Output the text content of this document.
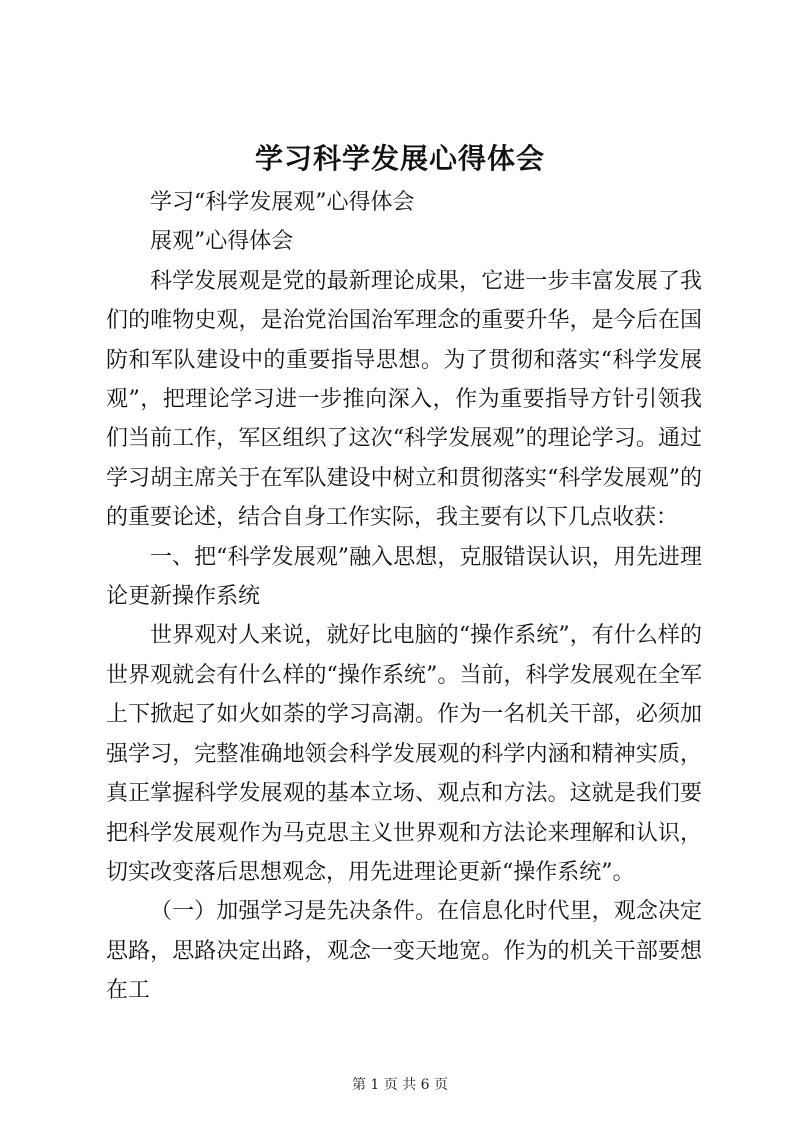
学习科学发展心得体会

学习“科学发展观”心得体会

展观”心得体会

科学发展观是党的最新理论成果，它进一步丰富发展了我们的唯物史观，是治党治国治军理念的重要升华，是今后在国防和军队建设中的重要指导思想。为了贯彻和落实“科学发展观”，把理论学习进一步推向深入，作为重要指导方针引领我们当前工作，军区组织了这次“科学发展观”的理论学习。通过学习胡主席关于在军队建设中树立和贯彻落实“科学发展观”的的重要论述，结合自身工作实际，我主要有以下几点收获：

一、把“科学发展观”融入思想，克服错误认识，用先进理论更新操作系统

世界观对人来说，就好比电脑的“操作系统”，有什么样的世界观就会有什么样的“操作系统”。当前，科学发展观在全军上下掀起了如火如荼的学习高潮。作为一名机关干部，必须加强学习，完整准确地领会科学发展观的科学内涵和精神实质，真正掌握科学发展观的基本立场、观点和方法。这就是我们要把科学发展观作为马克思主义世界观和方法论来理解和认识，切实改变落后思想观念，用先进理论更新“操作系统”。

（一）加强学习是先决条件。在信息化时代里，观念决定思路，思路决定出路，观念一变天地宽。作为的机关干部要想在工

第 1 页 共 6 页
